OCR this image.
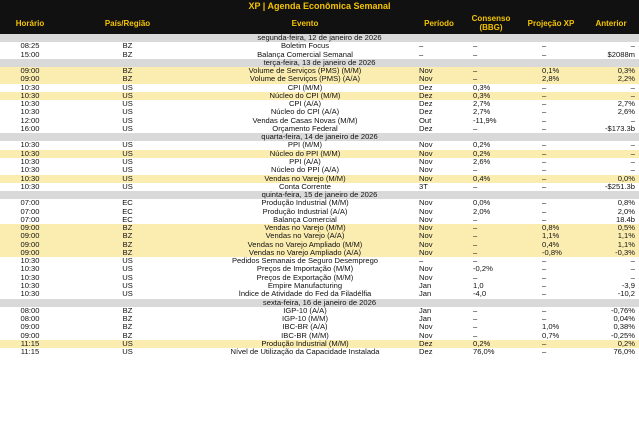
XP | Agenda Econômica Semanal
Horário	País/Região	Evento	Período	Consenso (BBG)	Projeção XP	Anterior
segunda-feira, 12 de janeiro de 2026
08:25	BZ	Boletim Focus	–	–	–	–
15:00	BZ	Balança Comercial Semanal	–	–	–	$2088m
terça-feira, 13 de janeiro de 2026
09:00	BZ	Volume de Serviços (PMS) (M/M)	Nov	–	0,1%	0,3%
09:00	BZ	Volume de Serviços (PMS) (A/A)	Nov	–	2,8%	2,2%
10:30	US	CPI (M/M)	Dez	0,3%	–	–
10:30	US	Núcleo do CPI (M/M)	Dez	0,3%	–	–
10:30	US	CPI (A/A)	Dez	2,7%	–	2,7%
10:30	US	Núcleo do CPI (A/A)	Dez	2,7%	–	2,6%
12:00	US	Vendas de Casas Novas (M/M)	Out	-11,9%	–	–
16:00	US	Orçamento Federal	Dez	–	–	-$173.3b
quarta-feira, 14 de janeiro de 2026
10:30	US	PPI (M/M)	Nov	0,2%	–	–
10:30	US	Núcleo do PPI (M/M)	Nov	0,2%	–	–
10:30	US	PPI (A/A)	Nov	2,6%	–	–
10:30	US	Núcleo do PPI (A/A)	Nov	–	–	–
10:30	US	Vendas no Varejo (M/M)	Nov	0,4%	–	0,0%
10:30	US	Conta Corrente	3T	–	–	-$251.3b
quinta-feira, 15 de janeiro de 2026
07:00	EC	Produção Industrial (M/M)	Nov	0,0%	–	0,8%
07:00	EC	Produção Industrial (A/A)	Nov	2,0%	–	2,0%
07:00	EC	Balança Comercial	Nov	–	–	18.4b
09:00	BZ	Vendas no Varejo (M/M)	Nov	–	0,8%	0,5%
09:00	BZ	Vendas no Varejo (A/A)	Nov	–	1,1%	1,1%
09:00	BZ	Vendas no Varejo Ampliado (M/M)	Nov	–	0,4%	1,1%
09:00	BZ	Vendas no Varejo Ampliado (A/A)	Nov	–	-0,8%	-0,3%
10:30	US	Pedidos Semanais de Seguro Desemprego	–	–	–	–
10:30	US	Preços de Importação (M/M)	Nov	-0,2%	–	–
10:30	US	Preços de Exportação (M/M)	Nov	–	–	–
10:30	US	Empire Manufacturing	Jan	1,0	–	-3,9
10:30	US	Índice de Atividade do Fed da Filadélfia	Jan	-4,0	–	-10,2
sexta-feira, 16 de janeiro de 2026
08:00	BZ	IGP-10 (A/A)	Jan	–	–	-0,76%
08:00	BZ	IGP-10 (M/M)	Jan	–	–	0,04%
09:00	BZ	IBC-BR (A/A)	Nov	–	1,0%	0,38%
09:00	BZ	IBC-BR (M/M)	Nov	–	0,7%	-0,25%
11:15	US	Produção Industrial (M/M)	Dez	0,2%	–	0,2%
11:15	US	Nível de Utilização da Capacidade Instalada	Dez	76,0%	–	76,0%
